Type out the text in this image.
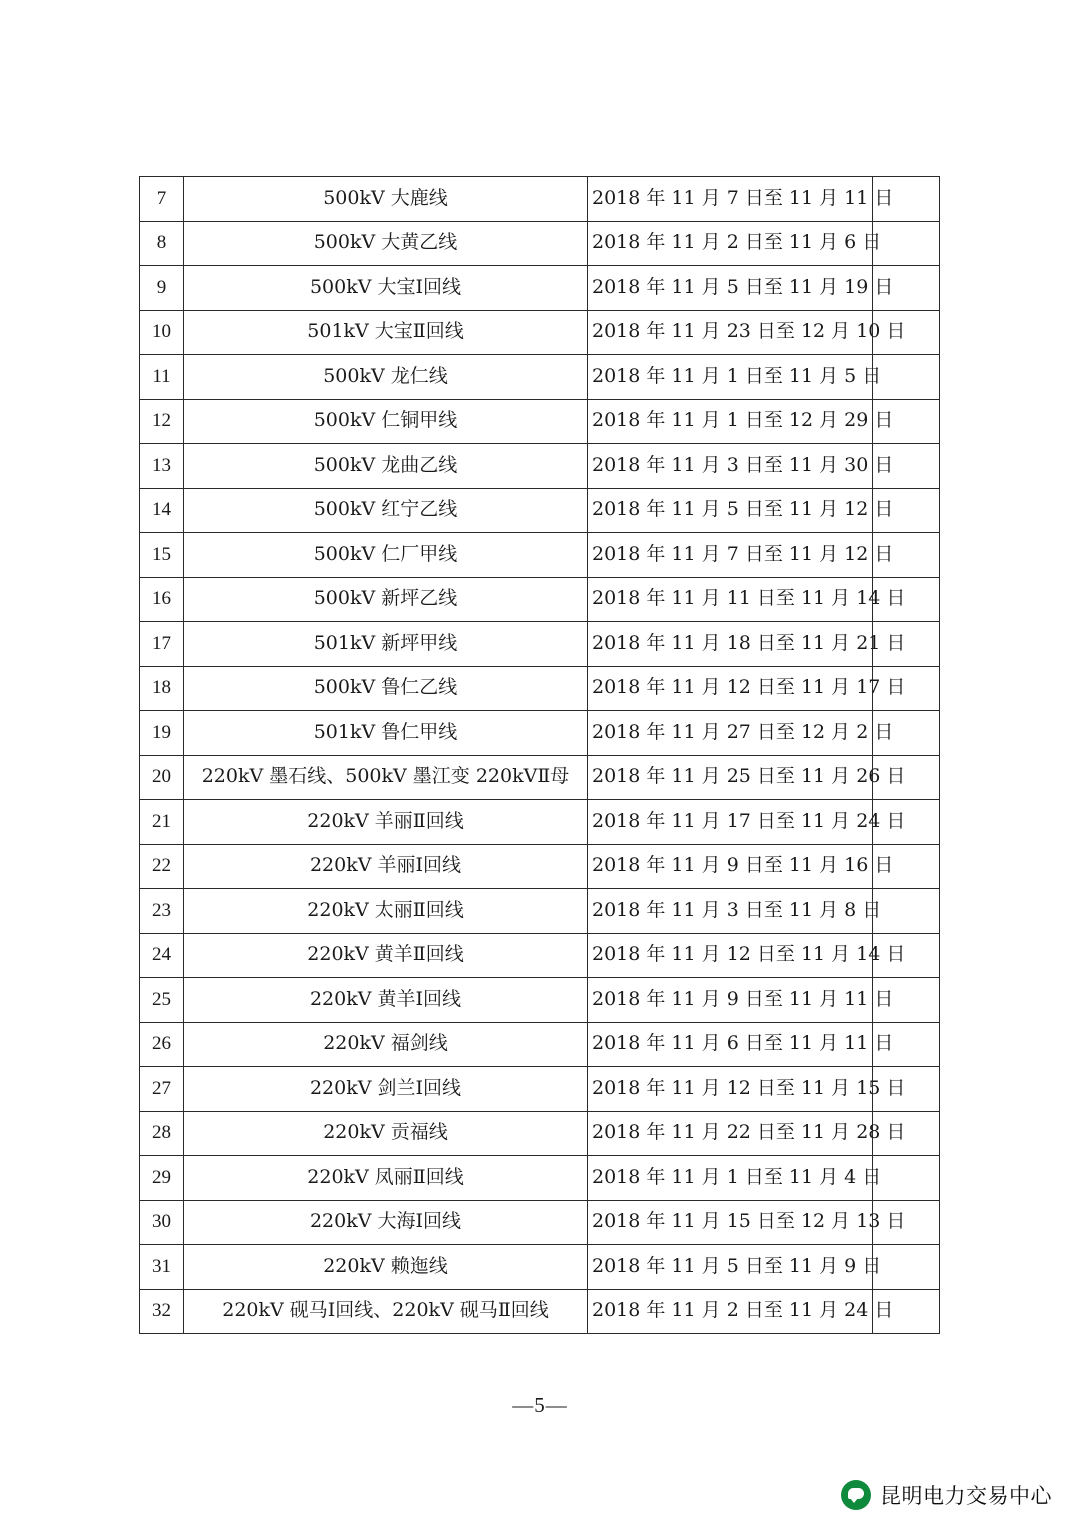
7	500kV 大鹿线	2018 年 11 月 7 日至 11 月 11 日	
8	500kV 大黄乙线	2018 年 11 月 2 日至 11 月 6 日	
9	500kV 大宝Ⅰ回线	2018 年 11 月 5 日至 11 月 19 日	
10	501kV 大宝Ⅱ回线	2018 年 11 月 23 日至 12 月 10 日	
11	500kV 龙仁线	2018 年 11 月 1 日至 11 月 5 日	
12	500kV 仁铜甲线	2018 年 11 月 1 日至 12 月 29 日	
13	500kV 龙曲乙线	2018 年 11 月 3 日至 11 月 30 日	
14	500kV 红宁乙线	2018 年 11 月 5 日至 11 月 12 日	
15	500kV 仁厂甲线	2018 年 11 月 7 日至 11 月 12 日	
16	500kV 新坪乙线	2018 年 11 月 11 日至 11 月 14 日	
17	501kV 新坪甲线	2018 年 11 月 18 日至 11 月 21 日	
18	500kV 鲁仁乙线	2018 年 11 月 12 日至 11 月 17 日	
19	501kV 鲁仁甲线	2018 年 11 月 27 日至 12 月 2 日	
20	220kV 墨石线、500kV 墨江变 220kVⅡ母	2018 年 11 月 25 日至 11 月 26 日	
21	220kV 羊丽Ⅱ回线	2018 年 11 月 17 日至 11 月 24 日	
22	220kV 羊丽Ⅰ回线	2018 年 11 月 9 日至 11 月 16 日	
23	220kV 太丽Ⅱ回线	2018 年 11 月 3 日至 11 月 8 日	
24	220kV 黄羊Ⅱ回线	2018 年 11 月 12 日至 11 月 14 日	
25	220kV 黄羊Ⅰ回线	2018 年 11 月 9 日至 11 月 11 日	
26	220kV 福剑线	2018 年 11 月 6 日至 11 月 11 日	
27	220kV 剑兰Ⅰ回线	2018 年 11 月 12 日至 11 月 15 日	
28	220kV 贡福线	2018 年 11 月 22 日至 11 月 28 日	
29	220kV 凤丽Ⅱ回线	2018 年 11 月 1 日至 11 月 4 日	
30	220kV 大海Ⅰ回线	2018 年 11 月 15 日至 12 月 13 日	
31	220kV 赖迤线	2018 年 11 月 5 日至 11 月 9 日	
32	220kV 砚马Ⅰ回线、220kV 砚马Ⅱ回线	2018 年 11 月 2 日至 11 月 24 日	
—5—
昆明电力交易中心
